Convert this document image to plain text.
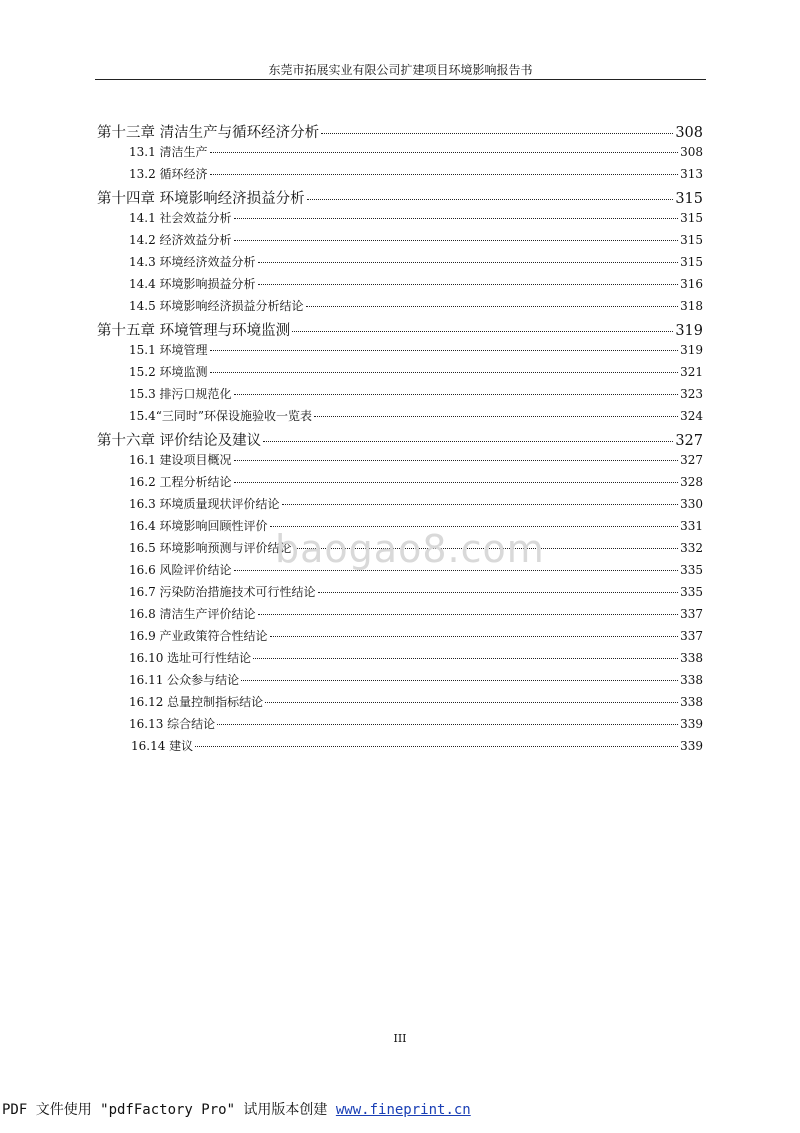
东莞市拓展实业有限公司扩建项目环境影响报告书
第十三章 清洁生产与循环经济分析	308
13.1 清洁生产	308
13.2 循环经济	313
第十四章 环境影响经济损益分析	315
14.1 社会效益分析	315
14.2 经济效益分析	315
14.3 环境经济效益分析	315
14.4 环境影响损益分析	316
14.5 环境影响经济损益分析结论	318
第十五章 环境管理与环境监测	319
15.1 环境管理	319
15.2 环境监测	321
15.3 排污口规范化	323
15.4“三同时”环保设施验收一览表	324
第十六章 评价结论及建议	327
16.1 建设项目概况	327
16.2 工程分析结论	328
16.3 环境质量现状评价结论	330
16.4 环境影响回顾性评价	331
16.5 环境影响预测与评价结论	332
16.6 风险评价结论	335
16.7 污染防治措施技术可行性结论	335
16.8 清洁生产评价结论	337
16.9 产业政策符合性结论	337
16.10 选址可行性结论	338
16.11 公众参与结论	338
16.12 总量控制指标结论	338
16.13 综合结论	339
16.14 建议	339
baogao8.com
III
PDF 文件使用 "pdfFactory Pro" 试用版本创建 www.fineprint.cn
